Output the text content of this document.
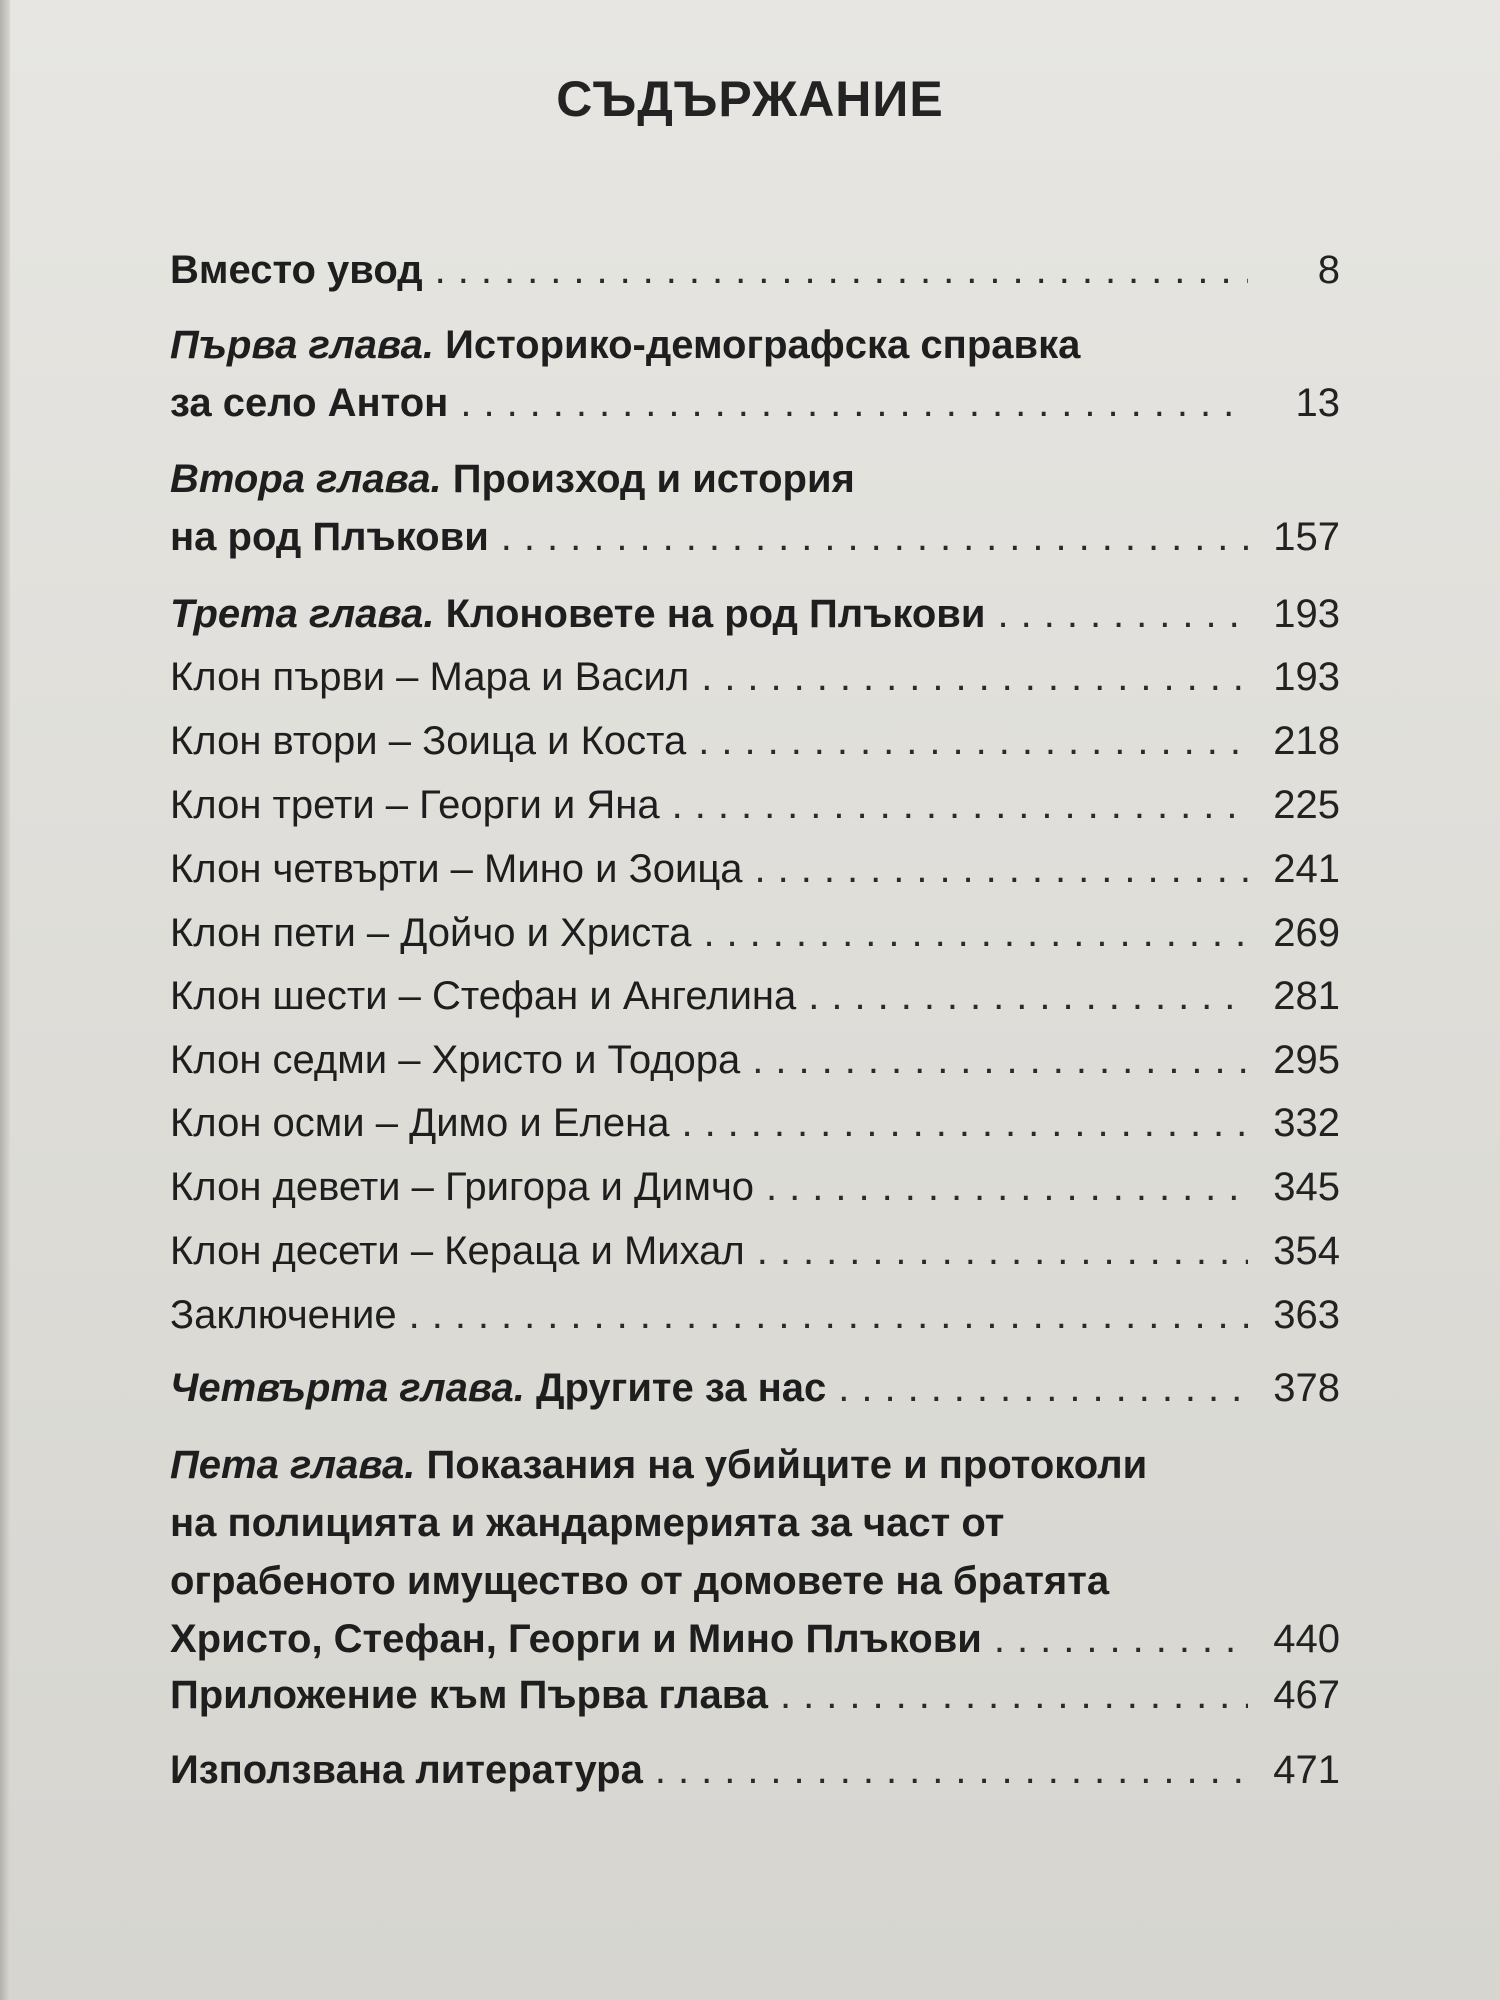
СЪДЪРЖАНИЕ
Вместо увод .....	8
Първа глава. Историко-демографска справка
за село Антон .....	13
Втора глава. Произход и история
на род Плъкови .....	157
Трета глава.
Клоновете на род Плъкови .....	193
Клон първи – Мара и Васил .....	193
Клон втори – Зоица и Коста .....	218
Клон трети – Георги и Яна .....	225
Клон четвърти – Мино и Зоица .....	241
Клон пети – Дойчо и Христа .....	269
Клон шести – Стефан и Ангелина .....	281
Клон седми – Христо и Тодора .....	295
Клон осми – Димо и Елена .....	332
Клон девети – Григора и Димчо .....	345
Клон десети – Кераца и Михал .....	354
Заключение .....	363
Четвърта глава.
Другите за нас .....	378
Пета глава. Показания на убийците и протоколи
на полицията и жандармерията за част от
ограбеното имущество от домовете на братята
Христо, Стефан, Георги и Мино Плъкови .....	440
Приложение към Първа глава .....	467
Използвана литература .....	471
